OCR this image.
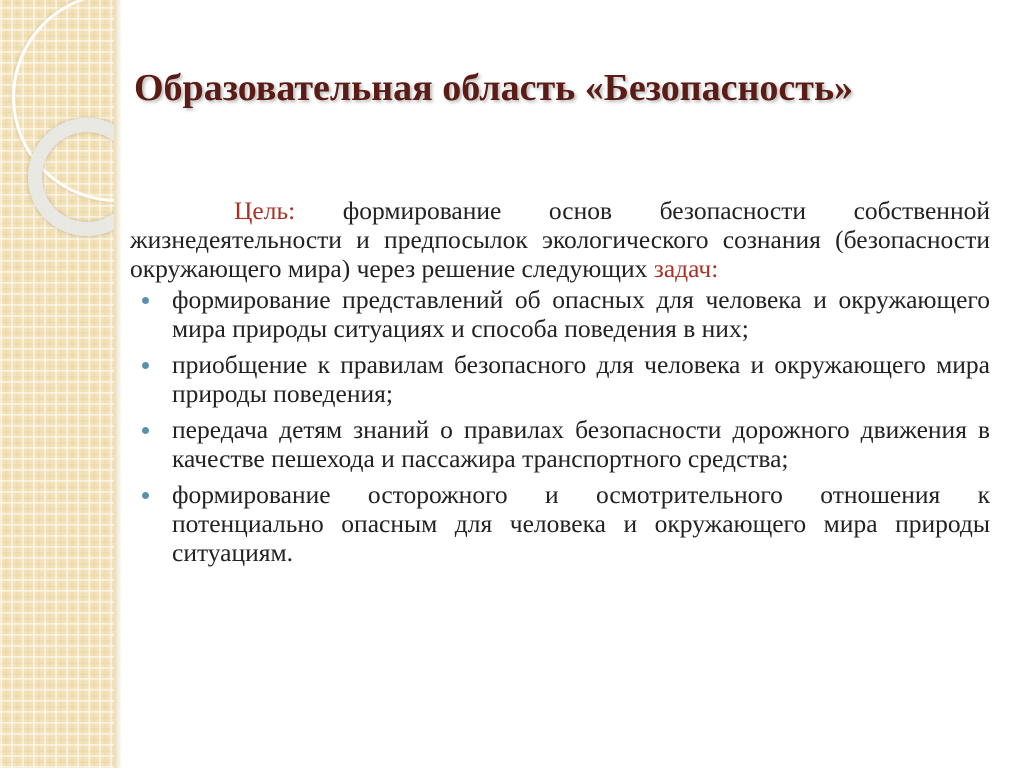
Образовательная область «Безопасность»

Цель: формирование основ безопасности собственной жизнедеятельности и предпосылок экологического сознания (безопасности окружающего мира) через решение следующих задач:

формирование представлений об опасных для человека и окружающего мира природы ситуациях и способа поведения в них;
приобщение к правилам безопасного для человека и окружающего мира природы поведения;
передача детям знаний о правилах безопасности дорожного движения в качестве пешехода и пассажира транспортного средства;
формирование осторожного и осмотрительного отношения к потенциально опасным для человека и окружающего мира природы ситуациям.
